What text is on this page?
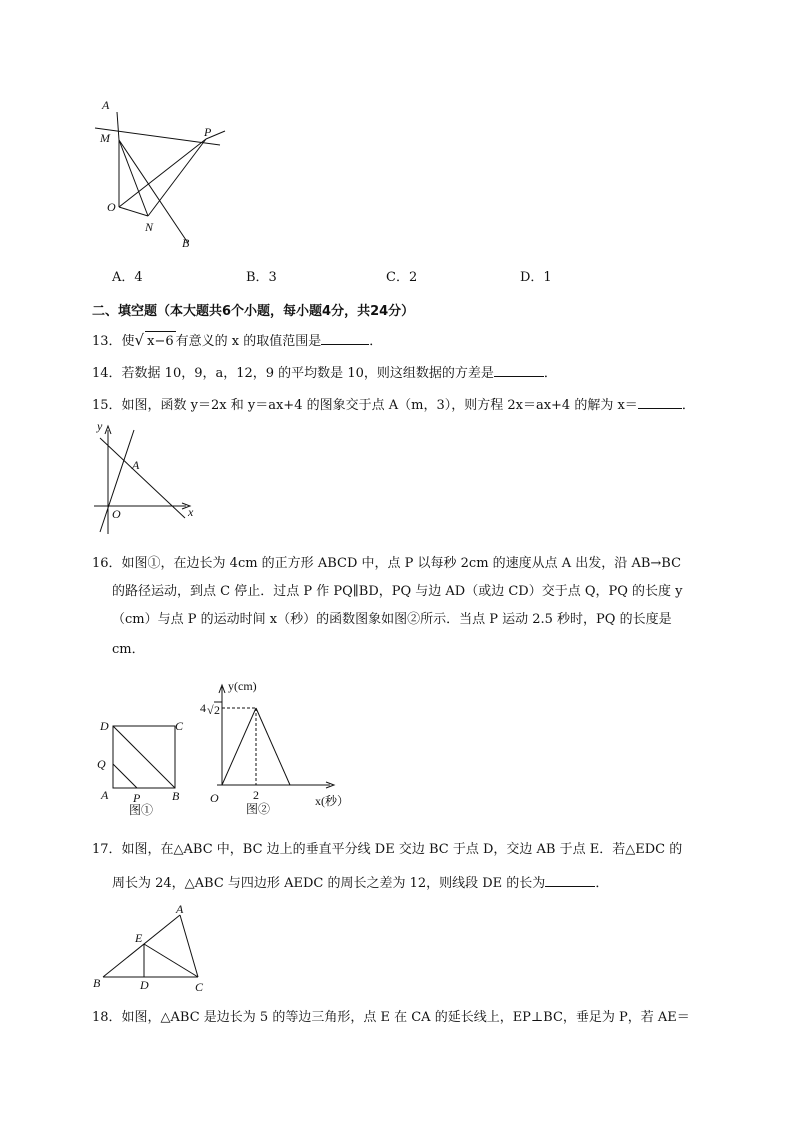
A
M	P
O
N
B
A．4	B．3	C．2	D．1
二、填空题（本大题共6个小题，每小题4分，共24分）
13．使√ x−6 有意义的 x 的取值范围是	．
14．若数据 10，9，a，12，9 的平均数是 10，则这组数据的方差是	．
15．如图，函数 y＝2x 和 y＝ax+4 的图象交于点 A（m，3），则方程 2x＝ax+4 的解为 x＝	．
y
A
O	x
16．如图①，在边长为 4cm 的正方形 ABCD 中，点 P 以每秒 2cm 的速度从点 A 出发，沿 AB→BC
的路径运动，到点 C 停止．过点 P 作 PQ∥BD，PQ 与边 AD（或边 CD）交于点 Q，PQ 的长度 y
（cm）与点 P 的运动时间 x（秒）的函数图象如图②所示．当点 P 运动 2.5 秒时，PQ 的长度是
cm．
D	C
Q
A P	B
图①
y(cm)
4 √ 2
O	2	x(秒）
图②
17．如图，在△ABC 中，BC 边上的垂直平分线 DE 交边 BC 于点 D，交边 AB 于点 E．若△EDC 的
周长为 24，△ABC 与四边形 AEDC 的周长之差为 12，则线段 DE 的长为	．
A
E
B	D	C
18．如图，△ABC 是边长为 5 的等边三角形，点 E 在 CA 的延长线上，EP⊥BC，垂足为 P，若 AE＝
